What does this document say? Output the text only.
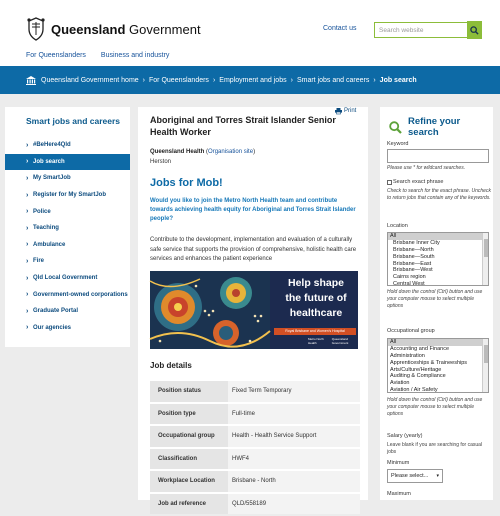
Queensland Government	Contact us	Search website
For Queenslanders Business and industry
Queensland Government home › For Queenslanders › Employment and jobs › Smart jobs and careers › Job search
Smart jobs and careers
› #BeHere4Qld
› Job search
› My SmartJob
› Register for My SmartJob
› Police
› Teaching
› Ambulance
› Fire
› Qld Local Government
› Government-owned corporations
› Graduate Portal
› Our agencies
Print
Aboriginal and Torres Strait Islander Senior Health Worker
Queensland Health (Organisation site)
Herston
Jobs for Mob!

Would you like to join the Metro North Health team and contribute towards achieving health equity for Aboriginal and Torres Strait Islander people?

Contribute to the development, implementation and evaluation of a culturally safe service that supports the provision of comprehensive, holistic health care services and enhances the patient experience

Help shape
the future of
healthcare
Royal Brisbane and Women's Hospital
Metro North Health
Queensland Government
Job details
Position status	Fixed Term Temporary
Position type	Full-time
Occupational group	Health - Health Service Support
Classification	HWF4
Workplace Location	Brisbane - North
Job ad reference	QLD/558189
Refine your search
Keyword
Please use * for wildcard searches.
Search exact phrase
Check to search for the exact phrase. Uncheck to return jobs that contain any of the keywords.
Location
All
Brisbane Inner City
Brisbane—North
Brisbane—South
Brisbane—East
Brisbane—West
Cairns region
Central West
Hold down the control (Ctrl) button and use your computer mouse to select multiple options
Occupational group
All
Accounting and Finance
Administration
Apprenticeships & Traineeships
Arts/Culture/Heritage
Auditing & Compliance
Aviation
Aviation / Air Safety
Hold down the control (Ctrl) button and use your computer mouse to select multiple options
Salary (yearly)
Leave blank if you are searching for casual jobs
Minimum
Please select... ▾
Maximum
